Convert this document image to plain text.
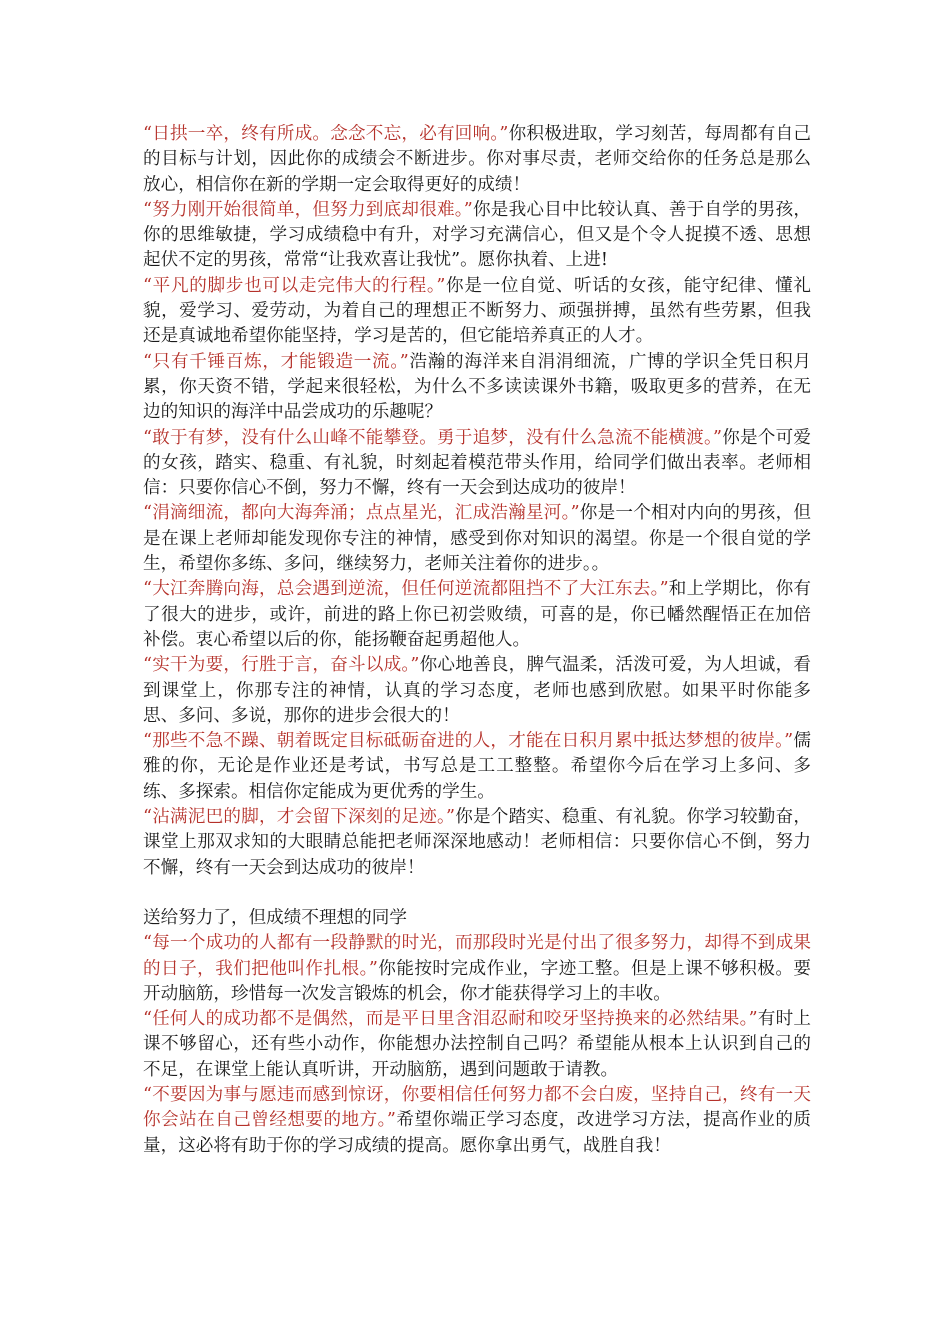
“日拱一卒，终有所成。念念不忘，必有回响。”你积极进取，学习刻苦，每周都有自己的目标与计划，因此你的成绩会不断进步。你对事尽责，老师交给你的任务总是那么放心，相信你在新的学期一定会取得更好的成绩！

“努力刚开始很简单，但努力到底却很难。”你是我心目中比较认真、善于自学的男孩，你的思维敏捷，学习成绩稳中有升，对学习充满信心，但又是个令人捉摸不透、思想起伏不定的男孩，常常“让我欢喜让我忧”。愿你执着、上进!

“平凡的脚步也可以走完伟大的行程。”你是一位自觉、听话的女孩，能守纪律、懂礼貌，爱学习、爱劳动，为着自己的理想正不断努力、顽强拼搏，虽然有些劳累，但我还是真诚地希望你能坚持，学习是苦的，但它能培养真正的人才。

“只有千锤百炼，才能锻造一流。”浩瀚的海洋来自涓涓细流，广博的学识全凭日积月累，你天资不错，学起来很轻松，为什么不多读读课外书籍，吸取更多的营养，在无边的知识的海洋中品尝成功的乐趣呢？

“敢于有梦，没有什么山峰不能攀登。勇于追梦，没有什么急流不能横渡。”你是个可爱的女孩，踏实、稳重、有礼貌，时刻起着模范带头作用，给同学们做出表率。老师相信：只要你信心不倒，努力不懈，终有一天会到达成功的彼岸！

“涓滴细流，都向大海奔涌；点点星光，汇成浩瀚星河。”你是一个相对内向的男孩，但是在课上老师却能发现你专注的神情，感受到你对知识的渴望。你是一个很自觉的学生，希望你多练、多问，继续努力，老师关注着你的进步。。

“大江奔腾向海，总会遇到逆流，但任何逆流都阻挡不了大江东去。”和上学期比，你有了很大的进步，或许，前进的路上你已初尝败绩，可喜的是，你已幡然醒悟正在加倍补偿。衷心希望以后的你，能扬鞭奋起勇超他人。

“实干为要，行胜于言，奋斗以成。”你心地善良，脾气温柔，活泼可爱，为人坦诚，看到课堂上，你那专注的神情，认真的学习态度，老师也感到欣慰。如果平时你能多思、多问、多说，那你的进步会很大的！

“那些不急不躁、朝着既定目标砥砺奋进的人，才能在日积月累中抵达梦想的彼岸。”儒雅的你，无论是作业还是考试，书写总是工工整整。希望你今后在学习上多问、多练、多探索。相信你定能成为更优秀的学生。

“沾满泥巴的脚，才会留下深刻的足迹。”你是个踏实、稳重、有礼貌。你学习较勤奋，课堂上那双求知的大眼睛总能把老师深深地感动！老师相信：只要你信心不倒，努力不懈，终有一天会到达成功的彼岸！

送给努力了，但成绩不理想的同学

“每一个成功的人都有一段静默的时光，而那段时光是付出了很多努力，却得不到成果的日子，我们把他叫作扎根。”你能按时完成作业，字迹工整。但是上课不够积极。要开动脑筋，珍惜每一次发言锻炼的机会，你才能获得学习上的丰收。

“任何人的成功都不是偶然，而是平日里含泪忍耐和咬牙坚持换来的必然结果。”有时上课不够留心，还有些小动作，你能想办法控制自己吗？希望能从根本上认识到自己的不足，在课堂上能认真听讲，开动脑筋，遇到问题敢于请教。

“不要因为事与愿违而感到惊讶，你要相信任何努力都不会白废，坚持自己，终有一天你会站在自己曾经想要的地方。”希望你端正学习态度，改进学习方法，提高作业的质量，这必将有助于你的学习成绩的提高。愿你拿出勇气，战胜自我！
